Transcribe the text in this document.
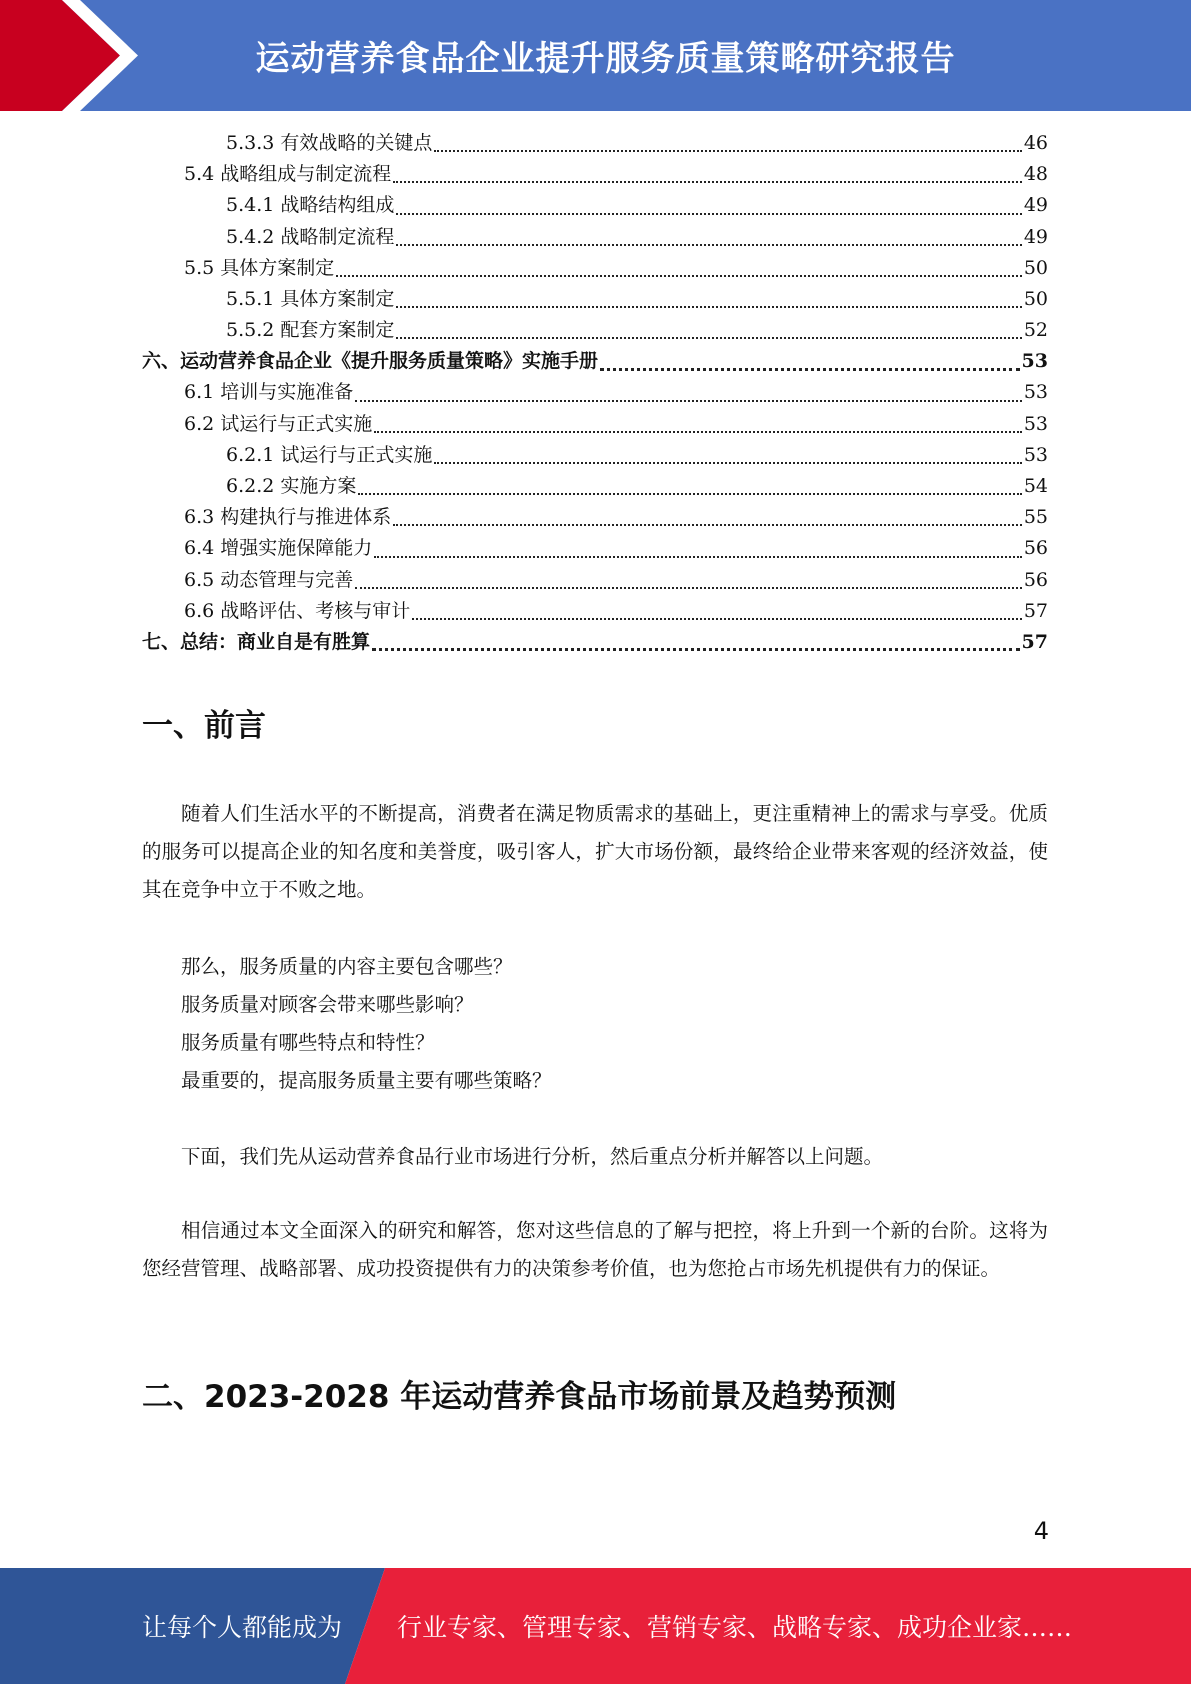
运动营养食品企业提升服务质量策略研究报告
5.3.3 有效战略的关键点	46
5.4 战略组成与制定流程	48
5.4.1 战略结构组成	49
5.4.2 战略制定流程	49
5.5 具体方案制定	50
5.5.1 具体方案制定	50
5.5.2 配套方案制定	52
六、运动营养食品企业《提升服务质量策略》实施手册	53
6.1 培训与实施准备	53
6.2 试运行与正式实施	53
6.2.1 试运行与正式实施	53
6.2.2 实施方案	54
6.3 构建执行与推进体系	55
6.4 增强实施保障能力	56
6.5 动态管理与完善	56
6.6 战略评估、考核与审计	57
七、总结：商业自是有胜算	57
一、前言
随着人们生活水平的不断提高，消费者在满足物质需求的基础上，更注重精神上的需求与享受。优质的服务可以提高企业的知名度和美誉度，吸引客人，扩大市场份额，最终给企业带来客观的经济效益，使其在竞争中立于不败之地。
那么，服务质量的内容主要包含哪些？
服务质量对顾客会带来哪些影响？
服务质量有哪些特点和特性？
最重要的，提高服务质量主要有哪些策略？
下面，我们先从运动营养食品行业市场进行分析，然后重点分析并解答以上问题。
相信通过本文全面深入的研究和解答，您对这些信息的了解与把控，将上升到一个新的台阶。这将为您经营管理、战略部署、成功投资提供有力的决策参考价值，也为您抢占市场先机提供有力的保证。
二、2023-2028 年运动营养食品市场前景及趋势预测
4
让每个人都能成为 行业专家、管理专家、营销专家、战略专家、成功企业家……
